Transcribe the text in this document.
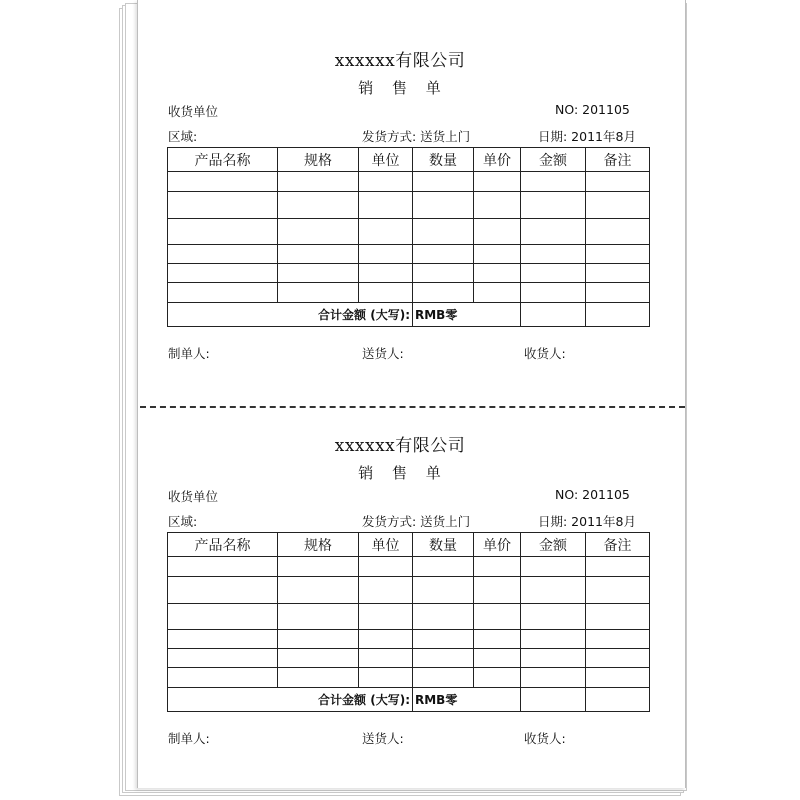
xxxxxx有限公司
销 售 单
收货单位	NO: 201105
区域:	发货方式: 送货上门	日期: 2011年8月
产品名称	规格	单位	数量	单价	金额	备注

合计金额 (大写):			RMB零			
制单人:	送货人:	收货人:
xxxxxx有限公司
销 售 单
收货单位	NO: 201105
区域:	发货方式: 送货上门	日期: 2011年8月
产品名称	规格	单位	数量	单价	金额	备注

合计金额 (大写):			RMB零			
制单人:	送货人:	收货人:
